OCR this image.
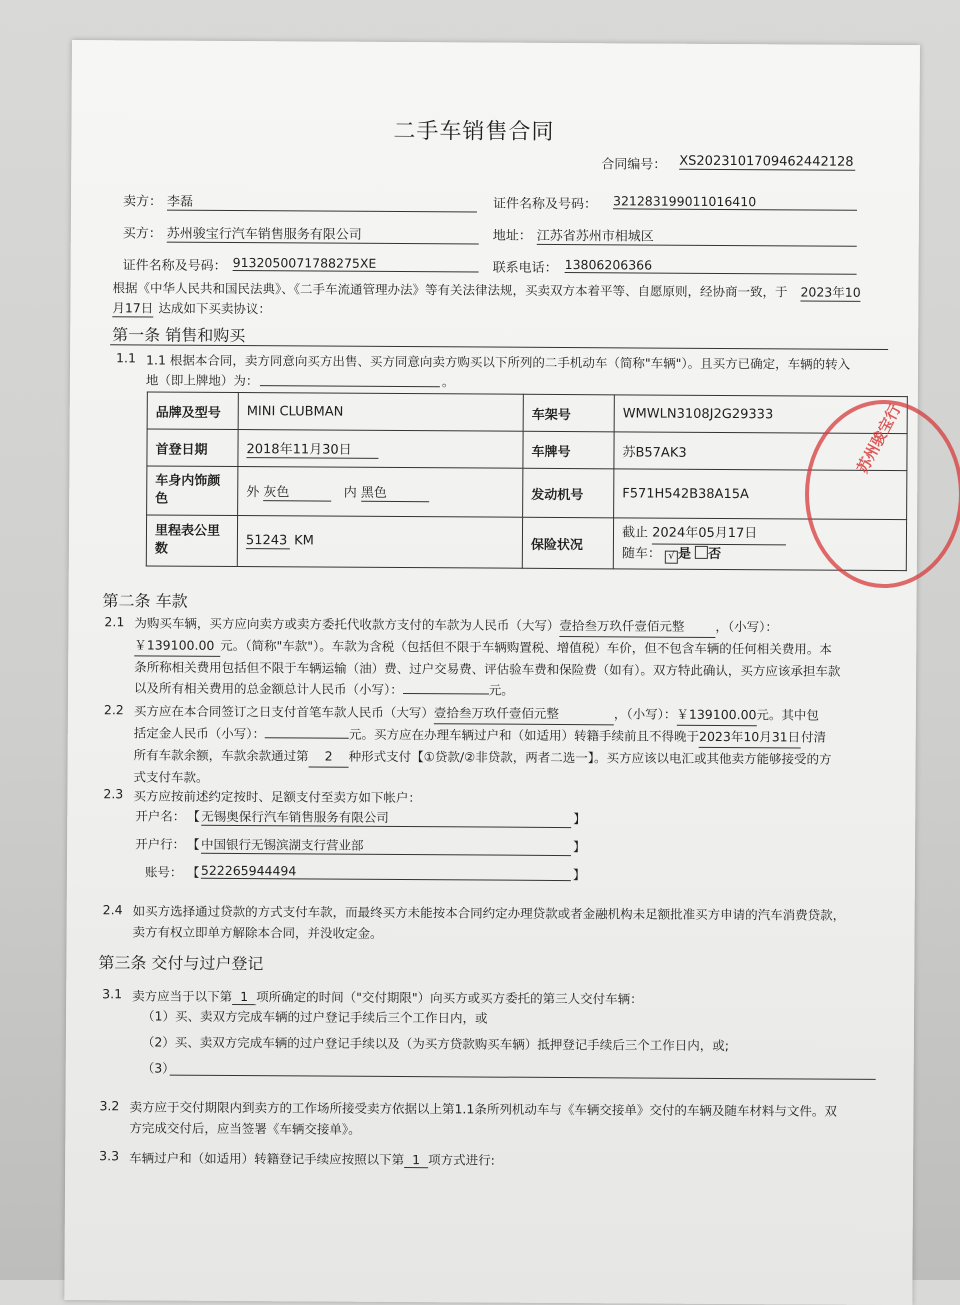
二手车销售合同
合同编号： XS20231017094624421​28
卖方： 李磊	证件名称及号码： 321283199011016410
买方： 苏州骏宝行汽车销售服务有限公司	地址： 江苏省苏州市相城区
证件名称及号码： 91320500717882​75XE	联系电话： 13806206366
根据《中华人民共和国民法典》、《二手车流通管理办法》等有关法律法规，买卖双方本着平等、自愿原则，经协商一致，于 2023年10
月17日 达成如下买卖协议：
第一条 销售和购买
1.1 1.1 根据本合同，卖方同意向买方出售、买方同意向卖方购买以下所列的二手机动车（简称"车辆"）。且买方已确定，车辆的转入
地（即上牌地）为：	。
品牌及型号	MINI CLUBMAN	车架号	WMWLN3108J2G29333
首登日期	2018年11月30日	车牌号	苏B57AK3
车身内饰颜色	外 灰色 内 黑色	发动机号	F571H542B38A15A
里程表公里数	51243 KM	保险状况	截止 2024年05月17日
随车： √ 是 否
第二条 车款
2.1 为购买车辆，买方应向卖方或卖方委托代收款方支付的车款为人民币（大写）壹拾叁万玖仟壹佰元整 ，（小写）：
￥139100.00 元。（简称"车款"）。车款为含税（包括但不限于车辆购置税、增值税）车价，但不包含车辆的任何相关费用。本
条所称相关费用包括但不限于车辆运输（油）费、过户交易费、评估验车费和保险费（如有）。双方特此确认，买方应该承担车款
以及所有相关费用的总金额总计人民币（小写）：	元。
2.2 买方应在本合同签订之日支付首笔车款人民币（大写）壹拾叁万玖仟壹佰元整	，（小写）：￥139100.00元。其中包
括定金人民币（小写）：	元。买方应在办理车辆过户和（如适用）转籍手续前且不得晚于2023年10月31日付清
所有车款余额，车款余款通过第 2 种形式支付【①贷款/②非贷款，两者二选一】。买方应该以电汇或其他卖方能够接受的方
式支付车款。
2.3 买方应按前述约定按时、足额支付至卖方如下帐户：
开户名： 【 无锡奥保行汽车销售服务有限公司	】
开户行： 【 中国银行无锡滨湖支行营业部	】
账号： 【 522265944494	】
2.4 如买方选择通过贷款的方式支付车款，而最终买方未能按本合同约定办理贷款或者金融机构未足额批准买方申请的汽车消费贷款，
卖方有权立即单方解除本合同，并没收定金。
第三条 交付与过户登记
3.1 卖方应当于以下第 1 项所确定的时间（"交付期限"）向买方或买方委托的第三人交付车辆：
（1）买、卖双方完成车辆的过户登记手续后三个工作日内，或
（2）买、卖双方完成车辆的过户登记手续以及（为买方贷款购买车辆）抵押登记手续后三个工作日内，或;
（3）
3.2 卖方应于交付期限内到卖方的工作场所接受卖方依据以上第1.1条所列机动车与《车辆交接单》交付的车辆及随车材料与文件。双
方完成交付后，应当签署《车辆交接单》。
3.3 车辆过户和（如适用）转籍登记手续应按照以下第 1 项方式进行:
苏州骏宝行
